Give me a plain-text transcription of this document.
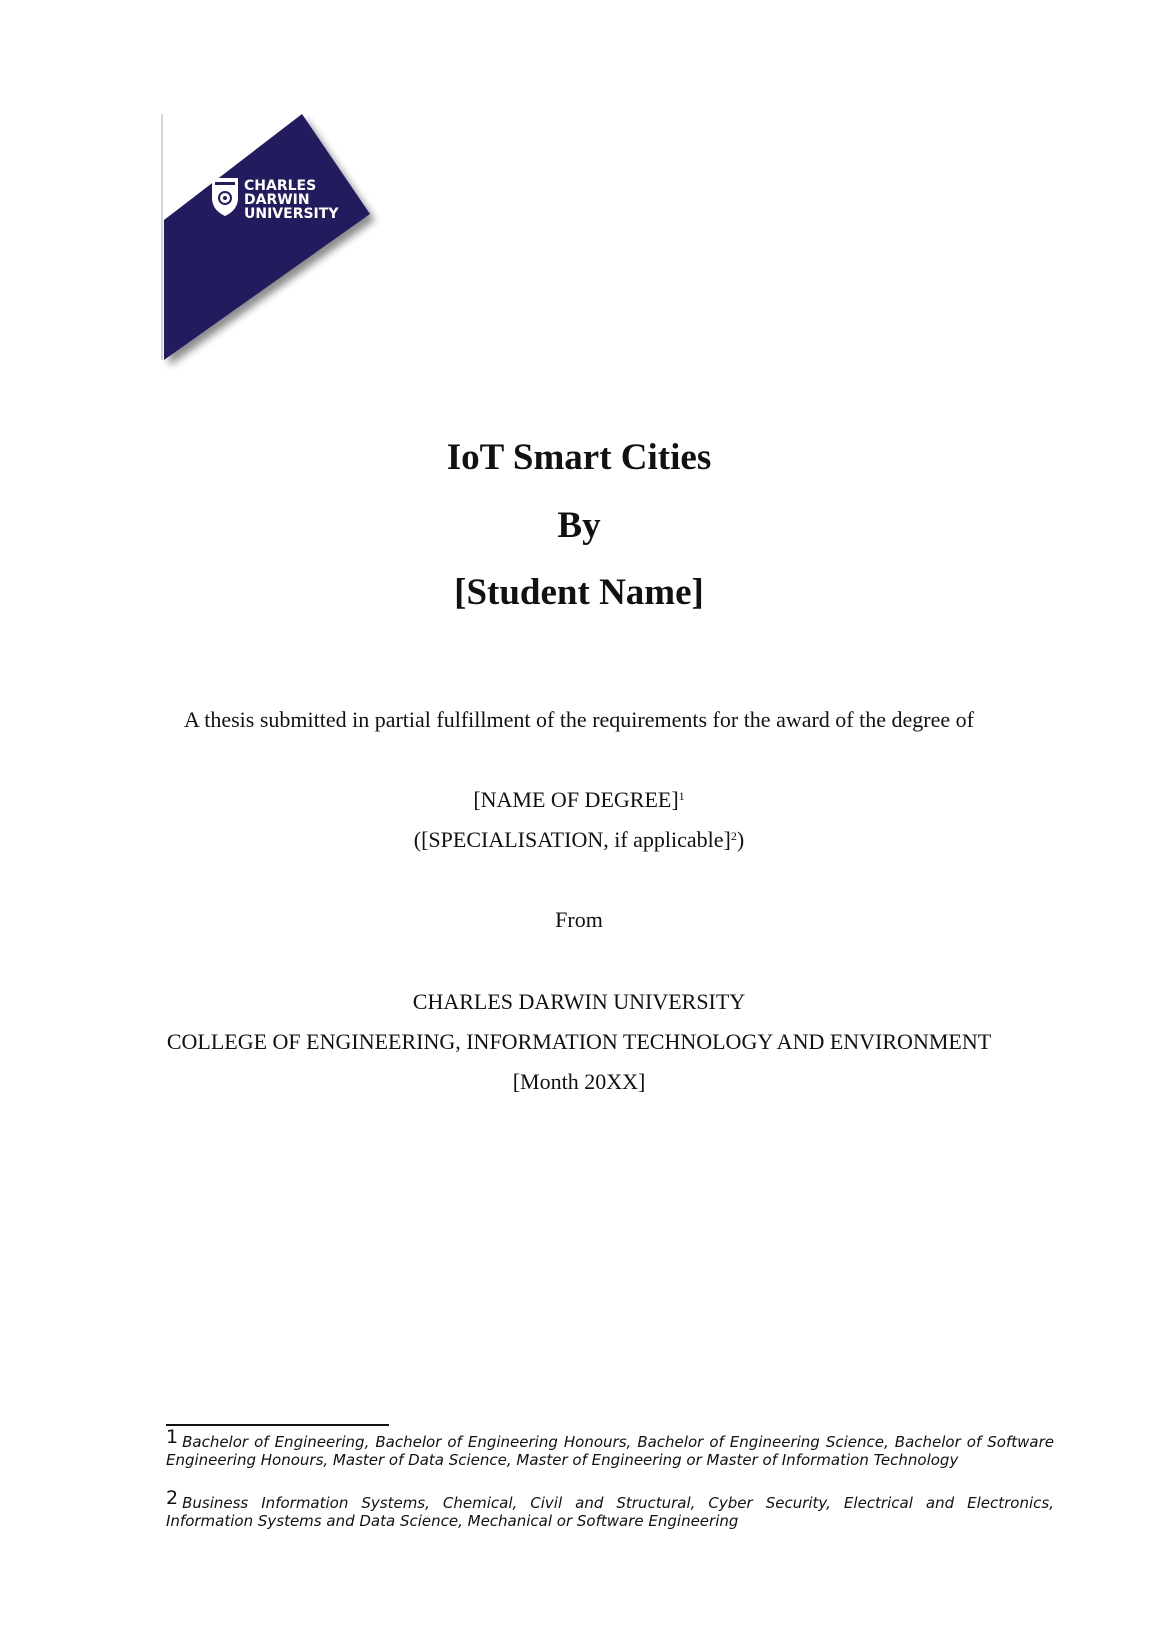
CHARLES
DARWIN
UNIVERSITY

IoT Smart Cities

By

[Student Name]

A thesis submitted in partial fulfillment of the requirements for the award of the degree of

[NAME OF DEGREE]$^1$

([SPECIALISATION, if applicable]$^2$)

From

CHARLES DARWIN UNIVERSITY

COLLEGE OF ENGINEERING, INFORMATION TECHNOLOGY AND ENVIRONMENT

[Month 20XX]

1 Bachelor of Engineering, Bachelor of Engineering Honours, Bachelor of Engineering Science, Bachelor of Software Engineering Honours, Master of Data Science, Master of Engineering or Master of Information Technology

2 Business Information Systems, Chemical, Civil and Structural, Cyber Security, Electrical and Electronics, Information Systems and Data Science, Mechanical or Software Engineering
